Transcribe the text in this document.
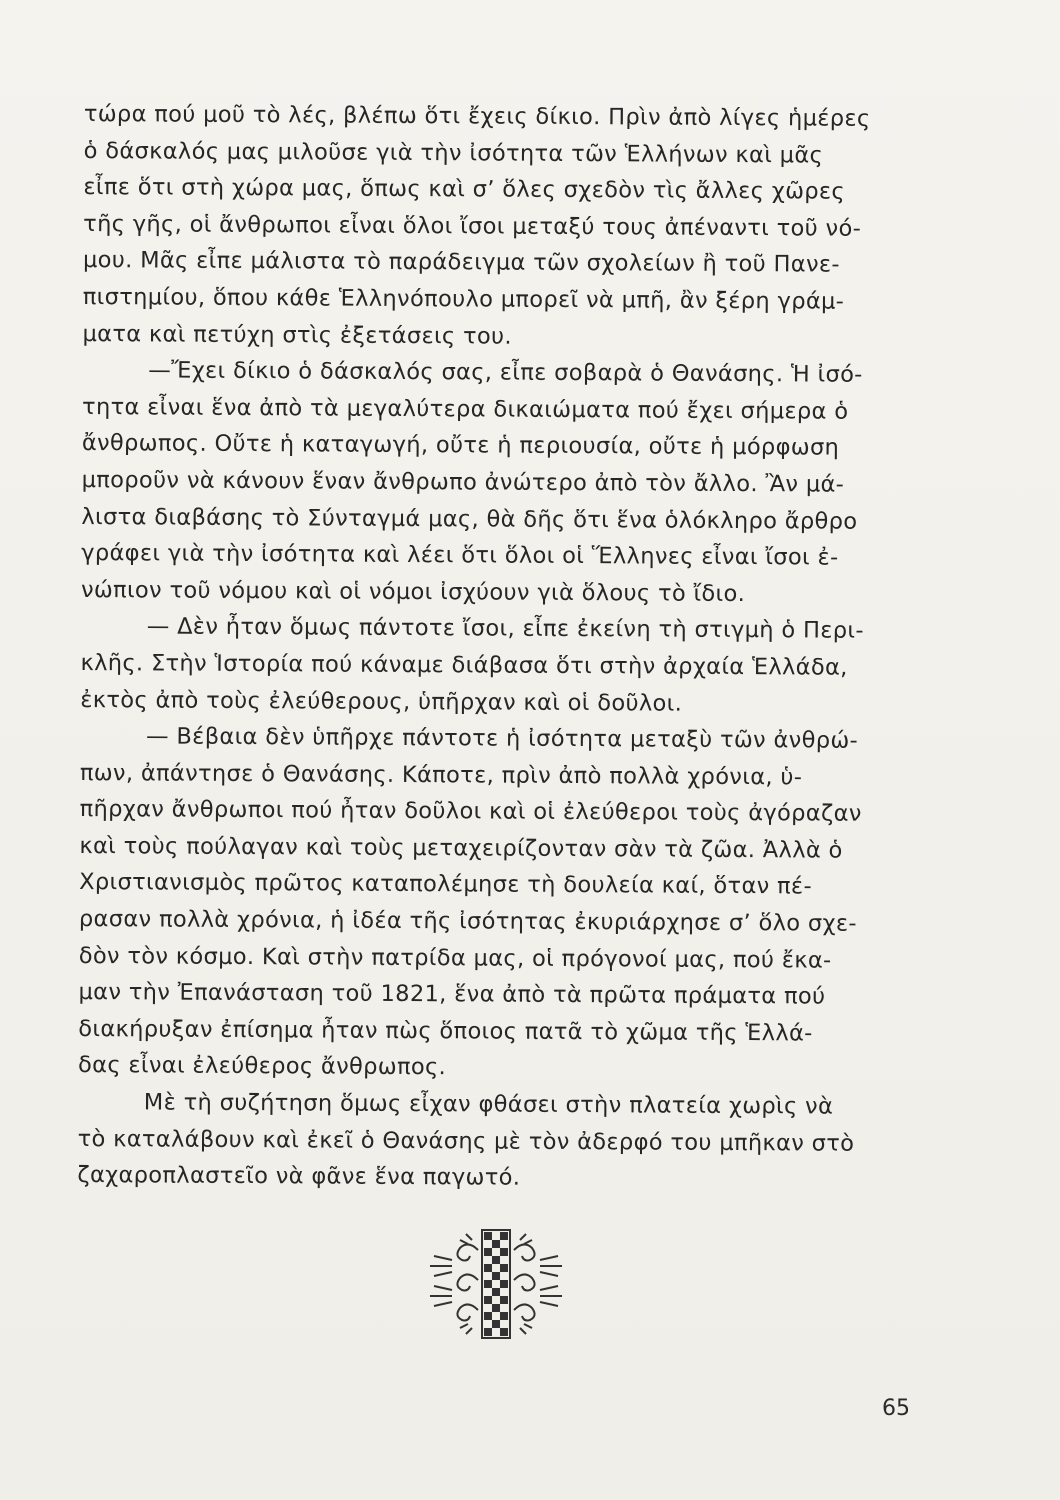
τώρα πού μοῦ τὸ λές, βλέπω ὅτι ἔχεις δίκιο. Πρὶν ἀπὸ λίγες ἡμέρες
ὁ δάσκαλός μας μιλοῦσε γιὰ τὴν ἰσότητα τῶν Ἑλλήνων καὶ μᾶς
εἶπε ὅτι στὴ χώρα μας, ὅπως καὶ σ’ ὅλες σχεδὸν τὶς ἄλλες χῶρες
τῆς γῆς, οἱ ἄνθρωποι εἶναι ὅλοι ἴσοι μεταξύ τους ἀπέναντι τοῦ νό-
μου. Μᾶς εἶπε μάλιστα τὸ παράδειγμα τῶν σχολείων ἢ τοῦ Πανε-
πιστημίου, ὅπου κάθε Ἑλληνόπουλο μπορεῖ νὰ μπῆ, ἂν ξέρη γράμ-
ματα καὶ πετύχη στὶς ἐξετάσεις του.

—Ἔχει δίκιο ὁ δάσκαλός σας, εἶπε σοβαρὰ ὁ Θανάσης. Ἡ ἰσό-
τητα εἶναι ἕνα ἀπὸ τὰ μεγαλύτερα δικαιώματα πού ἔχει σήμερα ὁ
ἄνθρωπος. Οὔτε ἡ καταγωγή, οὔτε ἡ περιουσία, οὔτε ἡ μόρφωση
μποροῦν νὰ κάνουν ἕναν ἄνθρωπο ἀνώτερο ἀπὸ τὸν ἄλλο. Ἂν μά-
λιστα διαβάσης τὸ Σύνταγμά μας, θὰ δῆς ὅτι ἕνα ὁλόκληρο ἄρθρο
γράφει γιὰ τὴν ἰσότητα καὶ λέει ὅτι ὅλοι οἱ Ἕλληνες εἶναι ἴσοι ἐ-
νώπιον τοῦ νόμου καὶ οἱ νόμοι ἰσχύουν γιὰ ὅλους τὸ ἴδιο.

— Δὲν ἦταν ὅμως πάντοτε ἴσοι, εἶπε ἐκείνη τὴ στιγμὴ ὁ Περι-
κλῆς. Στὴν Ἱστορία πού κάναμε διάβασα ὅτι στὴν ἀρχαία Ἑλλάδα,
ἐκτὸς ἀπὸ τοὺς ἐλεύθερους, ὑπῆρχαν καὶ οἱ δοῦλοι.

— Βέβαια δὲν ὑπῆρχε πάντοτε ἡ ἰσότητα μεταξὺ τῶν ἀνθρώ-
πων, ἀπάντησε ὁ Θανάσης. Κάποτε, πρὶν ἀπὸ πολλὰ χρόνια, ὑ-
πῆρχαν ἄνθρωποι πού ἦταν δοῦλοι καὶ οἱ ἐλεύθεροι τοὺς ἀγόραζαν
καὶ τοὺς πούλαγαν καὶ τοὺς μεταχειρίζονταν σὰν τὰ ζῶα. Ἀλλὰ ὁ
Χριστιανισμὸς πρῶτος καταπολέμησε τὴ δουλεία καί, ὅταν πέ-
ρασαν πολλὰ χρόνια, ἡ ἰδέα τῆς ἰσότητας ἐκυριάρχησε σ’ ὅλο σχε-
δὸν τὸν κόσμο. Καὶ στὴν πατρίδα μας, οἱ πρόγονοί μας, πού ἔκα-
μαν τὴν Ἐπανάσταση τοῦ 1821, ἕνα ἀπὸ τὰ πρῶτα πράματα πού
διακήρυξαν ἐπίσημα ἦταν πὼς ὅποιος πατᾶ τὸ χῶμα τῆς Ἑλλά-
δας εἶναι ἐλεύθερος ἄνθρωπος.

Μὲ τὴ συζήτηση ὅμως εἶχαν φθάσει στὴν πλατεία χωρὶς νὰ
τὸ καταλάβουν καὶ ἐκεῖ ὁ Θανάσης μὲ τὸν ἀδερφό του μπῆκαν στὸ
ζαχαροπλαστεῖο νὰ φᾶνε ἕνα παγωτό.

65
